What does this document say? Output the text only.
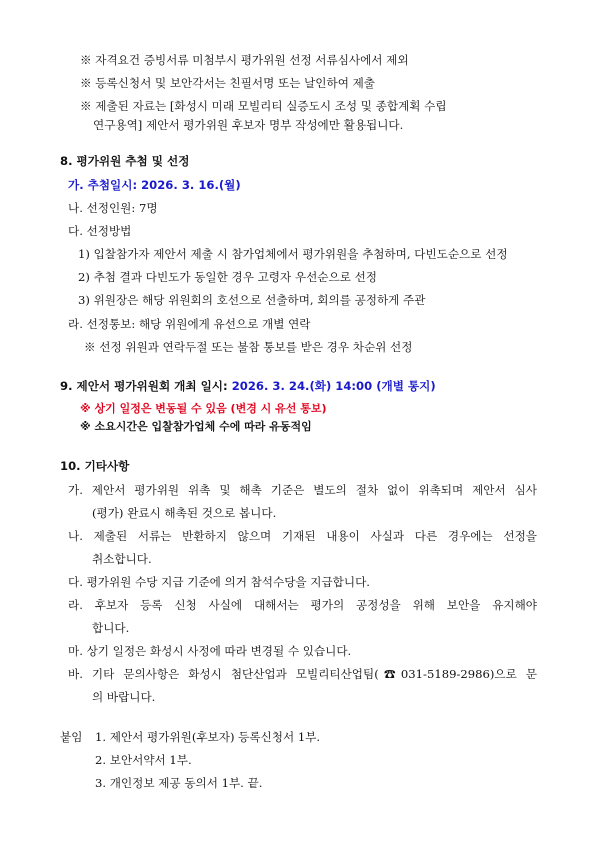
※ 자격요건 증빙서류 미첨부시 평가위원 선정 서류심사에서 제외
※ 등록신청서 및 보안각서는 친필서명 또는 날인하여 제출
※ 제출된 자료는 [화성시 미래 모빌리티 실증도시 조성 및 종합계획 수립
연구용역] 제안서 평가위원 후보자 명부 작성에만 활용됩니다.
8. 평가위원 추첨 및 선정
가. 추첨일시: 2026. 3. 16.(월)
나. 선정인원: 7명
다. 선정방법
1) 입찰참가자 제안서 제출 시 참가업체에서 평가위원을 추첨하며, 다빈도순으로 선정
2) 추첨 결과 다빈도가 동일한 경우 고령자 우선순으로 선정
3) 위원장은 해당 위원회의 호선으로 선출하며, 회의를 공정하게 주관
라. 선정통보: 해당 위원에게 유선으로 개별 연락
※ 선정 위원과 연락두절 또는 불참 통보를 받은 경우 차순위 선정
9. 제안서 평가위원회 개최 일시: 2026. 3. 24.(화) 14:00 (개별 통지)
※ 상기 일정은 변동될 수 있음 (변경 시 유선 통보)
※ 소요시간은 입찰참가업체 수에 따라 유동적임
10. 기타사항
가. 제안서 평가위원 위촉 및 해촉 기준은 별도의 절차 없이 위촉되며 제안서 심사
(평가) 완료시 해촉된 것으로 봅니다.
나. 제출된 서류는 반환하지 않으며 기재된 내용이 사실과 다른 경우에는 선정을
취소합니다.
다. 평가위원 수당 지급 기준에 의거 참석수당을 지급합니다.
라. 후보자 등록 신청 사실에 대해서는 평가의 공정성을 위해 보안을 유지해야
합니다.
마. 상기 일정은 화성시 사정에 따라 변경될 수 있습니다.
바. 기타 문의사항은 화성시 첨단산업과 모빌리티산업팀(☎031-5189-2986)으로 문
의 바랍니다.
붙임 1. 제안서 평가위원(후보자) 등록신청서 1부.
2. 보안서약서 1부.
3. 개인정보 제공 동의서 1부. 끝.
